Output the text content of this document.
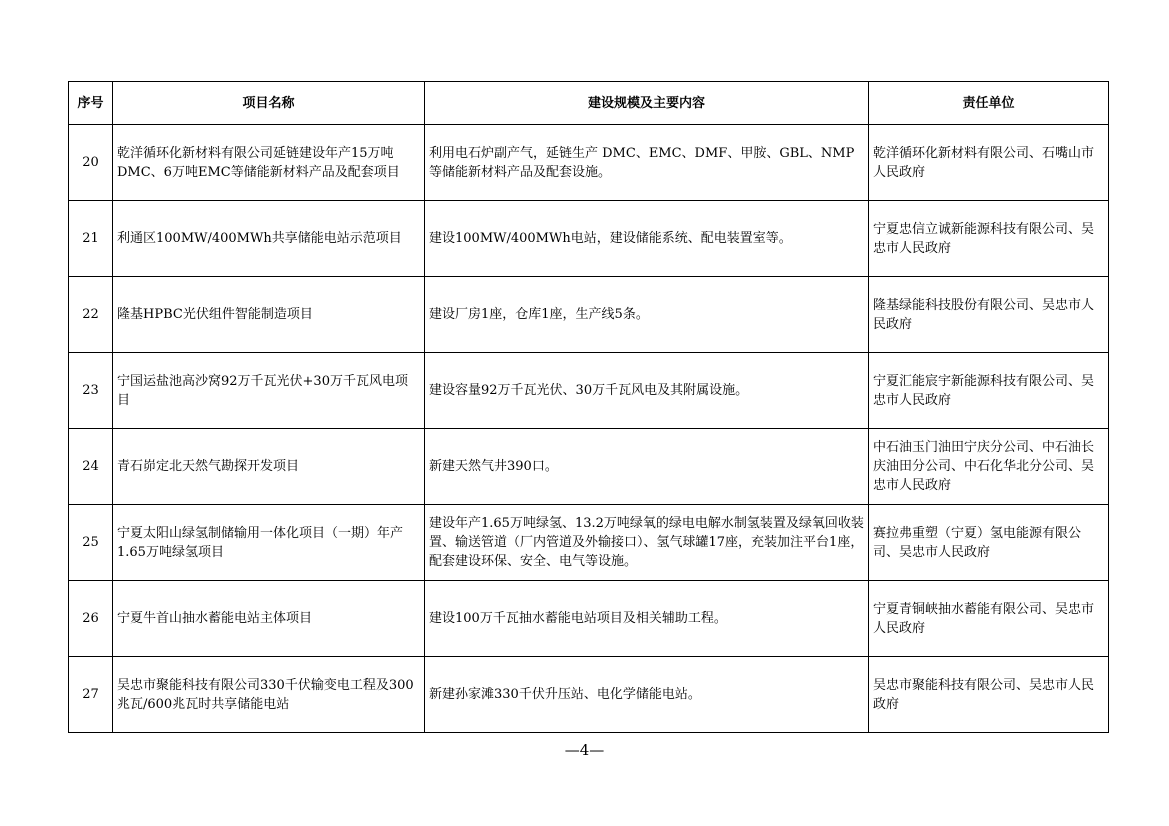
序号	项目名称	建设规模及主要内容	责任单位
20	乾洋循环化新材料有限公司延链建设年产15万吨DMC、6万吨EMC等储能新材料产品及配套项目	利用电石炉副产气，延链生产 DMC、EMC、DMF、甲胺、GBL、NMP等储能新材料产品及配套设施。	乾洋循环化新材料有限公司、石嘴山市人民政府
21	利通区100MW/400MWh共享储能电站示范项目	建设100MW/400MWh电站，建设储能系统、配电装置室等。	宁夏忠信立诚新能源科技有限公司、吴忠市人民政府
22	隆基HPBC光伏组件智能制造项目	建设厂房1座，仓库1座，生产线5条。	隆基绿能科技股份有限公司、吴忠市人民政府
23	宁国运盐池高沙窝92万千瓦光伏+30万千瓦风电项目	建设容量92万千瓦光伏、30万千瓦风电及其附属设施。	宁夏汇能宸宇新能源科技有限公司、吴忠市人民政府
24	青石峁定北天然气勘探开发项目	新建天然气井390口。	中石油玉门油田宁庆分公司、中石油长庆油田分公司、中石化华北分公司、吴忠市人民政府
25	宁夏太阳山绿氢制储输用一体化项目（一期）年产1.65万吨绿氢项目	建设年产1.65万吨绿氢、13.2万吨绿氧的绿电电解水制氢装置及绿氧回收装置、输送管道（厂内管道及外输接口）、氢气球罐17座，充装加注平台1座，配套建设环保、安全、电气等设施。	赛拉弗重塑（宁夏）氢电能源有限公司、吴忠市人民政府
26	宁夏牛首山抽水蓄能电站主体项目	建设100万千瓦抽水蓄能电站项目及相关辅助工程。	宁夏青铜峡抽水蓄能有限公司、吴忠市人民政府
27	吴忠市聚能科技有限公司330千伏输变电工程及300兆瓦/600兆瓦时共享储能电站	新建孙家滩330千伏升压站、电化学储能电站。	吴忠市聚能科技有限公司、吴忠市人民政府
—4—
